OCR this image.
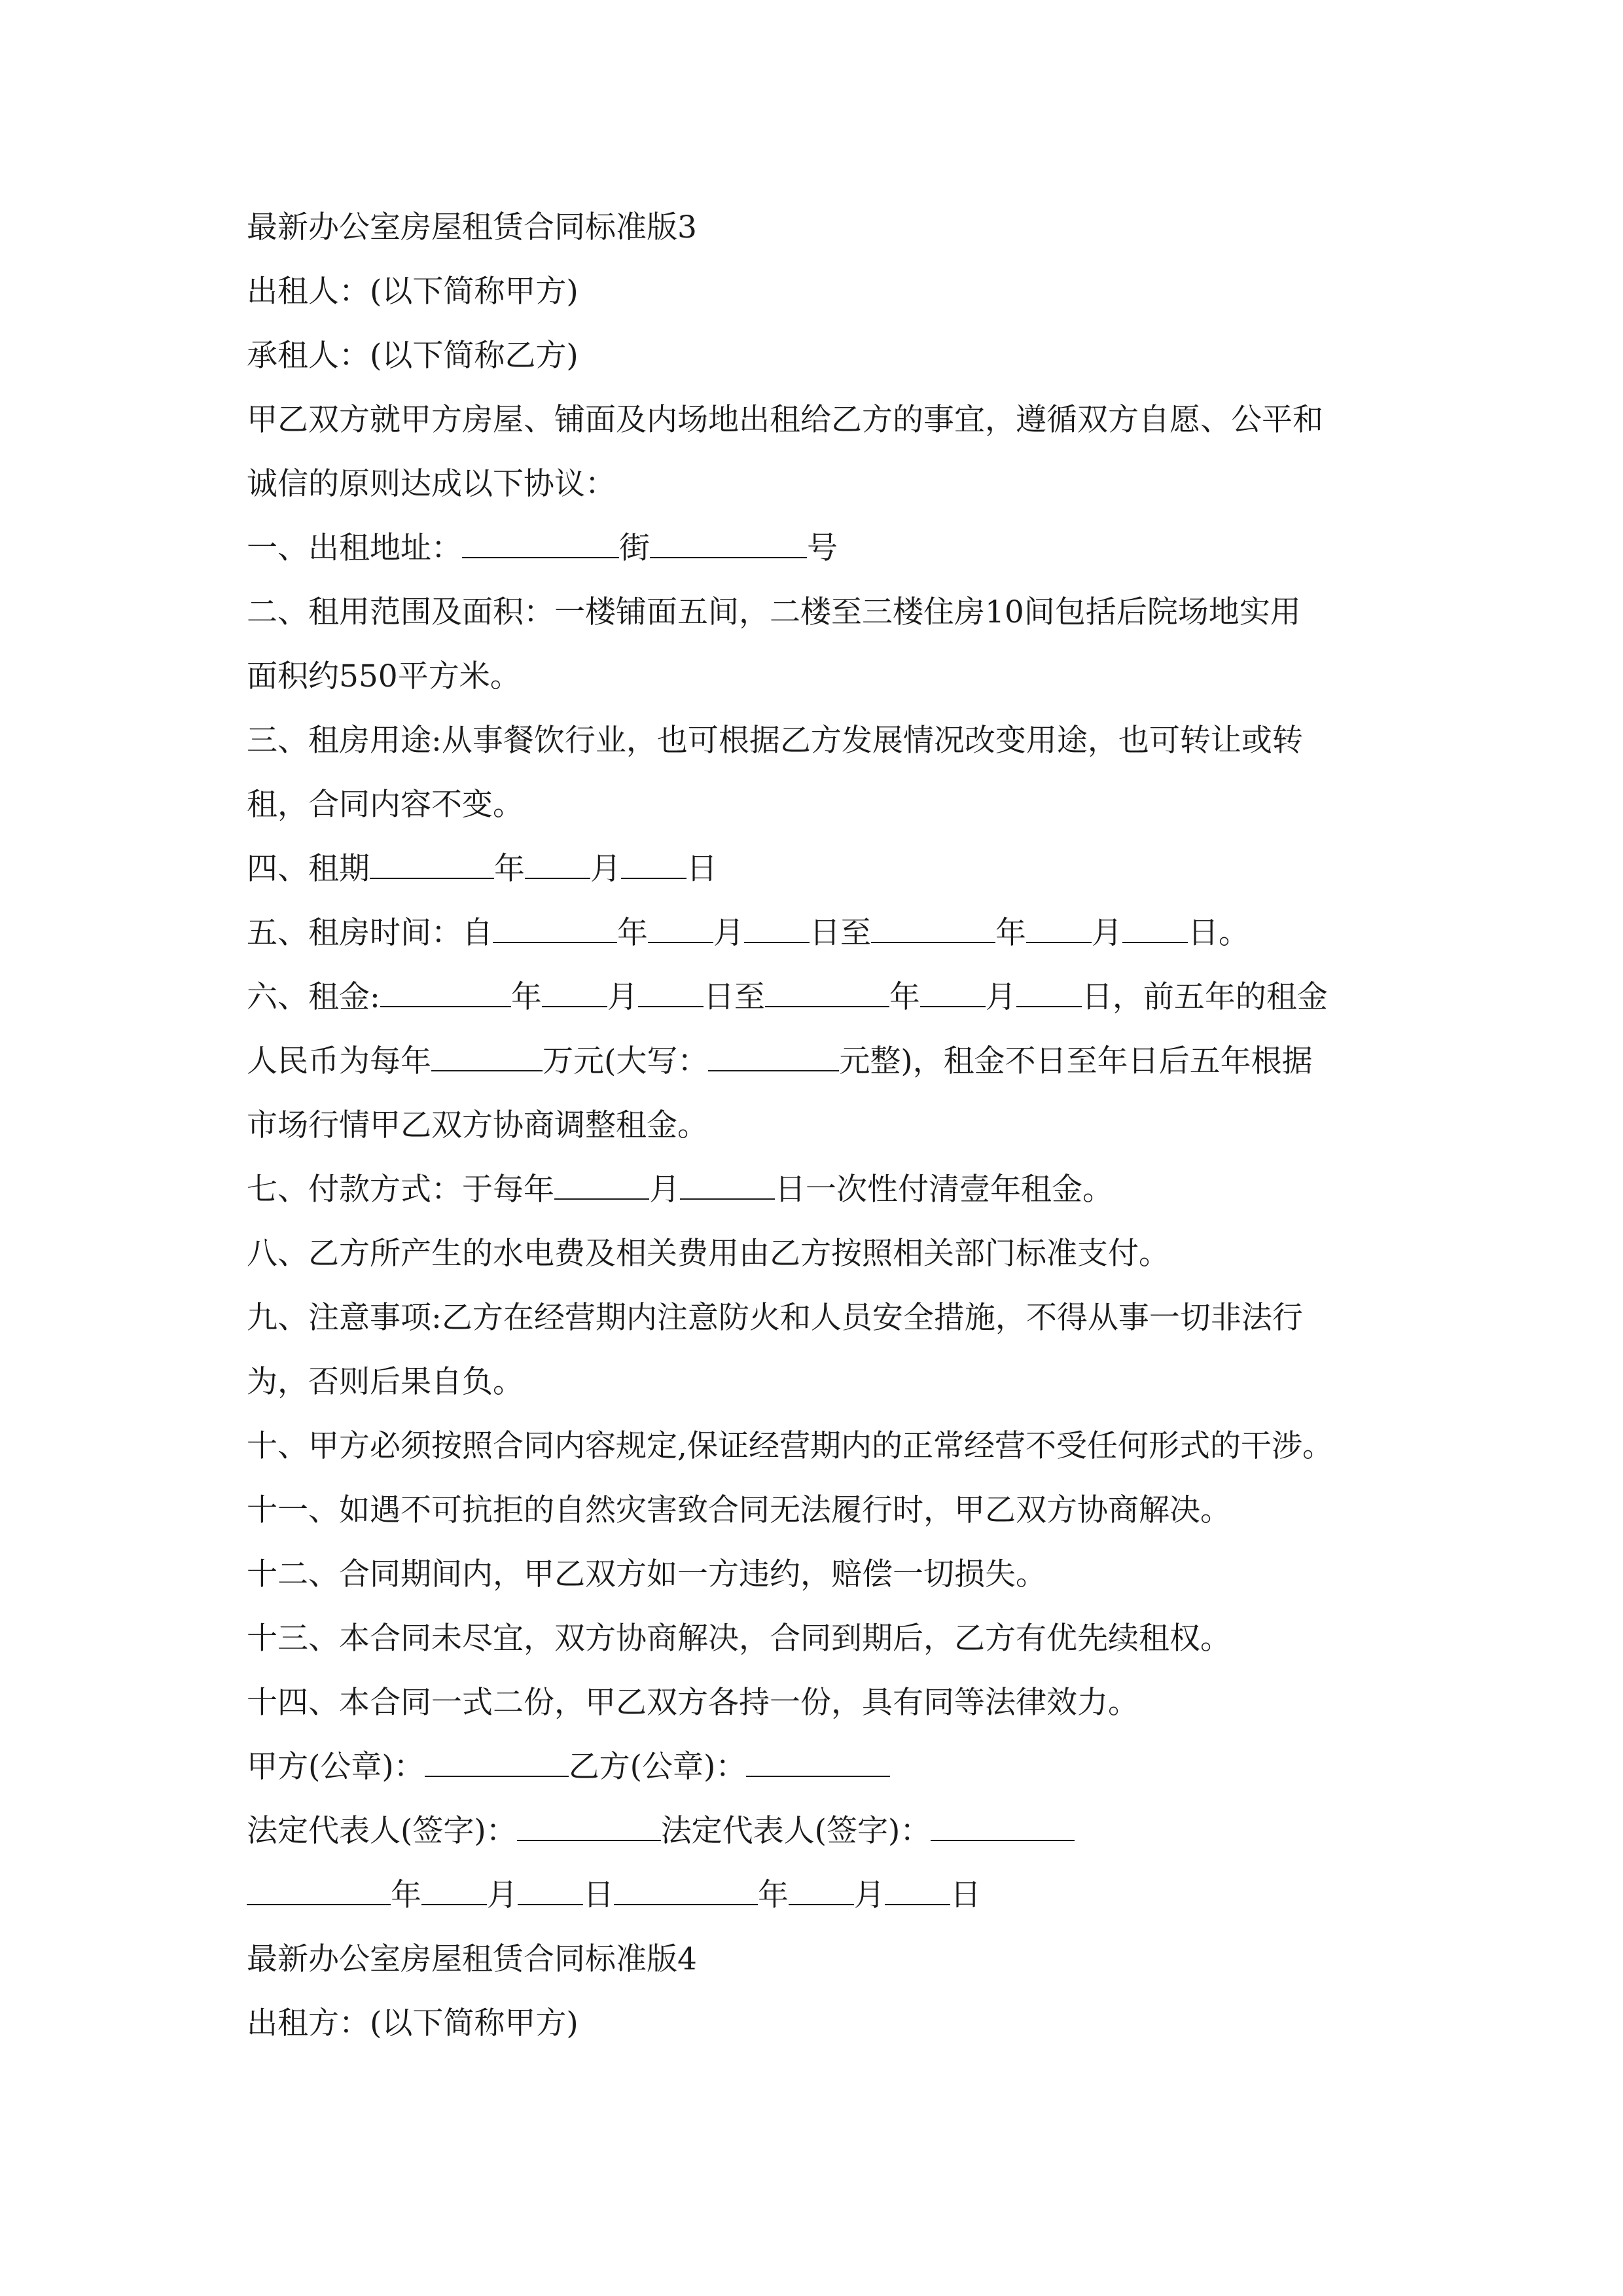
最新办公室房屋租赁合同标准版3
出租人：(以下简称甲方)
承租人：(以下简称乙方)
甲乙双方就甲方房屋、铺面及内场地出租给乙方的事宜，遵循双方自愿、公平和
诚信的原则达成以下协议：
一、出租地址：	街	号
二、租用范围及面积：一楼铺面五间，二楼至三楼住房10间包括后院场地实用
面积约550平方米。
三、租房用途:从事餐饮行业，也可根据乙方发展情况改变用途，也可转让或转
租，合同内容不变。
四、租期	年 月 日
五、租房时间：自	年 月 日至	年 月 日。
六、租金:	年 月 日至	年 月 日，前五年的租金
人民币为每年	万元(大写：	元整)，租金不日至年日后五年根据
市场行情甲乙双方协商调整租金。
七、付款方式：于每年	月	日一次性付清壹年租金。
八、乙方所产生的水电费及相关费用由乙方按照相关部门标准支付。
九、注意事项:乙方在经营期内注意防火和人员安全措施，不得从事一切非法行
为，否则后果自负。
十、甲方必须按照合同内容规定,保证经营期内的正常经营不受任何形式的干涉。
十一、如遇不可抗拒的自然灾害致合同无法履行时，甲乙双方协商解决。
十二、合同期间内，甲乙双方如一方违约，赔偿一切损失。
十三、本合同未尽宜，双方协商解决，合同到期后，乙方有优先续租权。
十四、本合同一式二份，甲乙双方各持一份，具有同等法律效力。
甲方(公章)：	乙方(公章)：
法定代表人(签字)：	法定代表人(签字)：
年 月 日	年 月 日
最新办公室房屋租赁合同标准版4
出租方：(以下简称甲方)
